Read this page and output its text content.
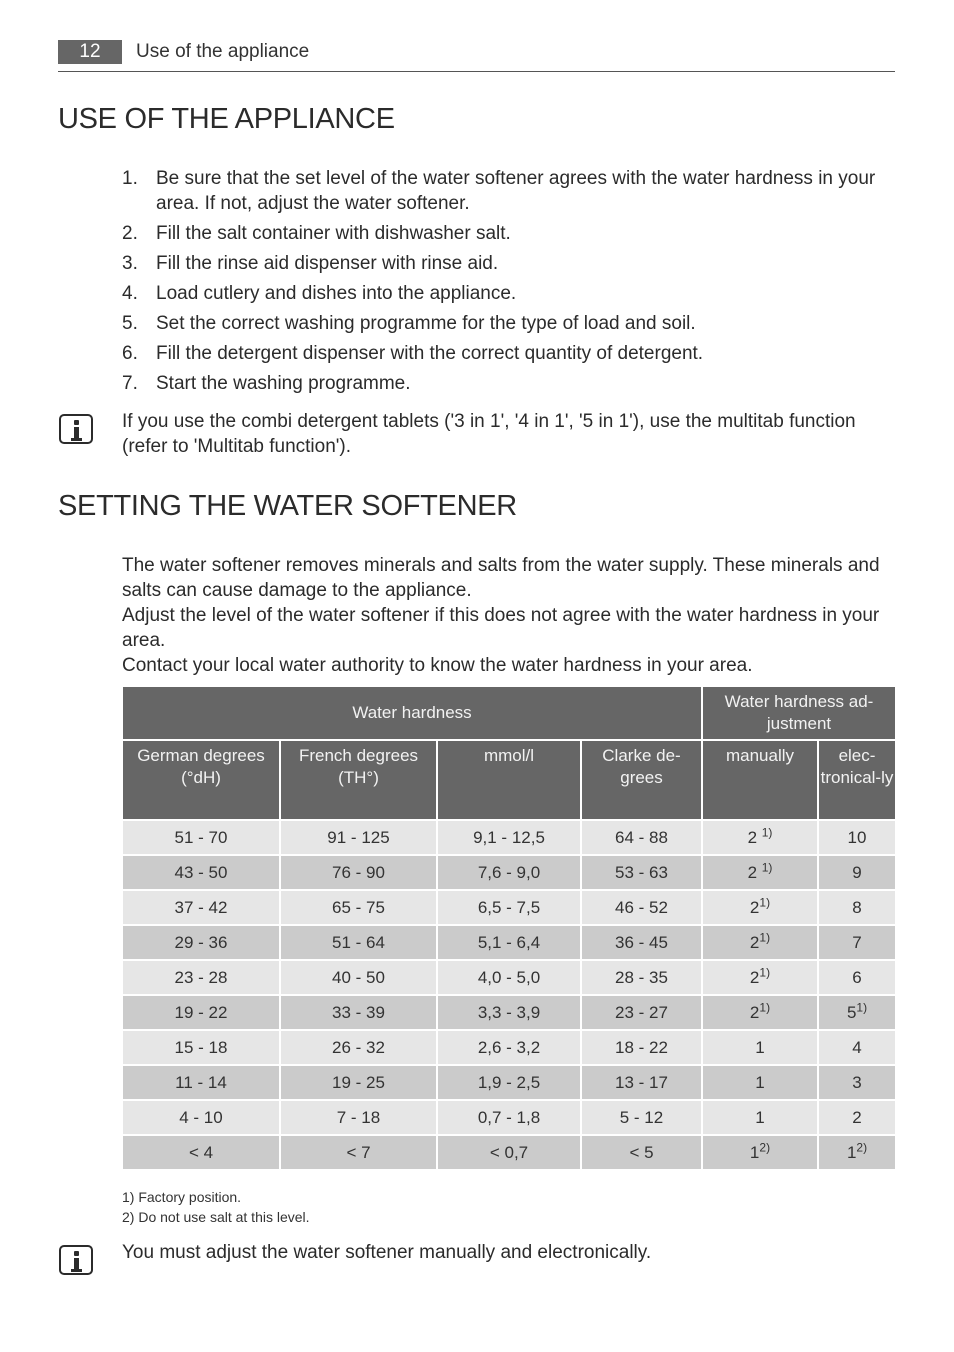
12	Use of the appliance
USE OF THE APPLIANCE
1. Be sure that the set level of the water softener agrees with the water hardness in your area. If not, adjust the water softener.
2. Fill the salt container with dishwasher salt.
3. Fill the rinse aid dispenser with rinse aid.
4. Load cutlery and dishes into the appliance.
5. Set the correct washing programme for the type of load and soil.
6. Fill the detergent dispenser with the correct quantity of detergent.
7. Start the washing programme.

If you use the combi detergent tablets ('3 in 1', '4 in 1', '5 in 1'), use the multitab function (refer to 'Multitab function').

SETTING THE WATER SOFTENER

The water softener removes minerals and salts from the water supply. These minerals and salts can cause damage to the appliance.

Adjust the level of the water softener if this does not agree with the water hardness in your area.

Contact your local water authority to know the water hardness in your area.

Water hardness				Water hardness ad-justment	
German degrees (°dH)	French degrees (TH°)	mmol/l	Clarke de-grees	manually	elec-tronical-ly
51 - 70	91 - 125	9,1 - 12,5	64 - 88	2 $^{1)}$	10
43 - 50	76 - 90	7,6 - 9,0	53 - 63	2 $^{1)}$	9
37 - 42	65 - 75	6,5 - 7,5	46 - 52	2$^{1)}$	8
29 - 36	51 - 64	5,1 - 6,4	36 - 45	2$^{1)}$	7
23 - 28	40 - 50	4,0 - 5,0	28 - 35	2$^{1)}$	6
19 - 22	33 - 39	3,3 - 3,9	23 - 27	2$^{1)}$	5$^{1)}$
15 - 18	26 - 32	2,6 - 3,2	18 - 22	1	4
11 - 14	19 - 25	1,9 - 2,5	13 - 17	1	3
4 - 10	7 - 18	0,7 - 1,8	5 - 12	1	2
< 4	< 7	< 0,7	< 5	1$^{2)}$	1$^{2)}$
1) Factory position.
2) Do not use salt at this level.

You must adjust the water softener manually and electronically.
